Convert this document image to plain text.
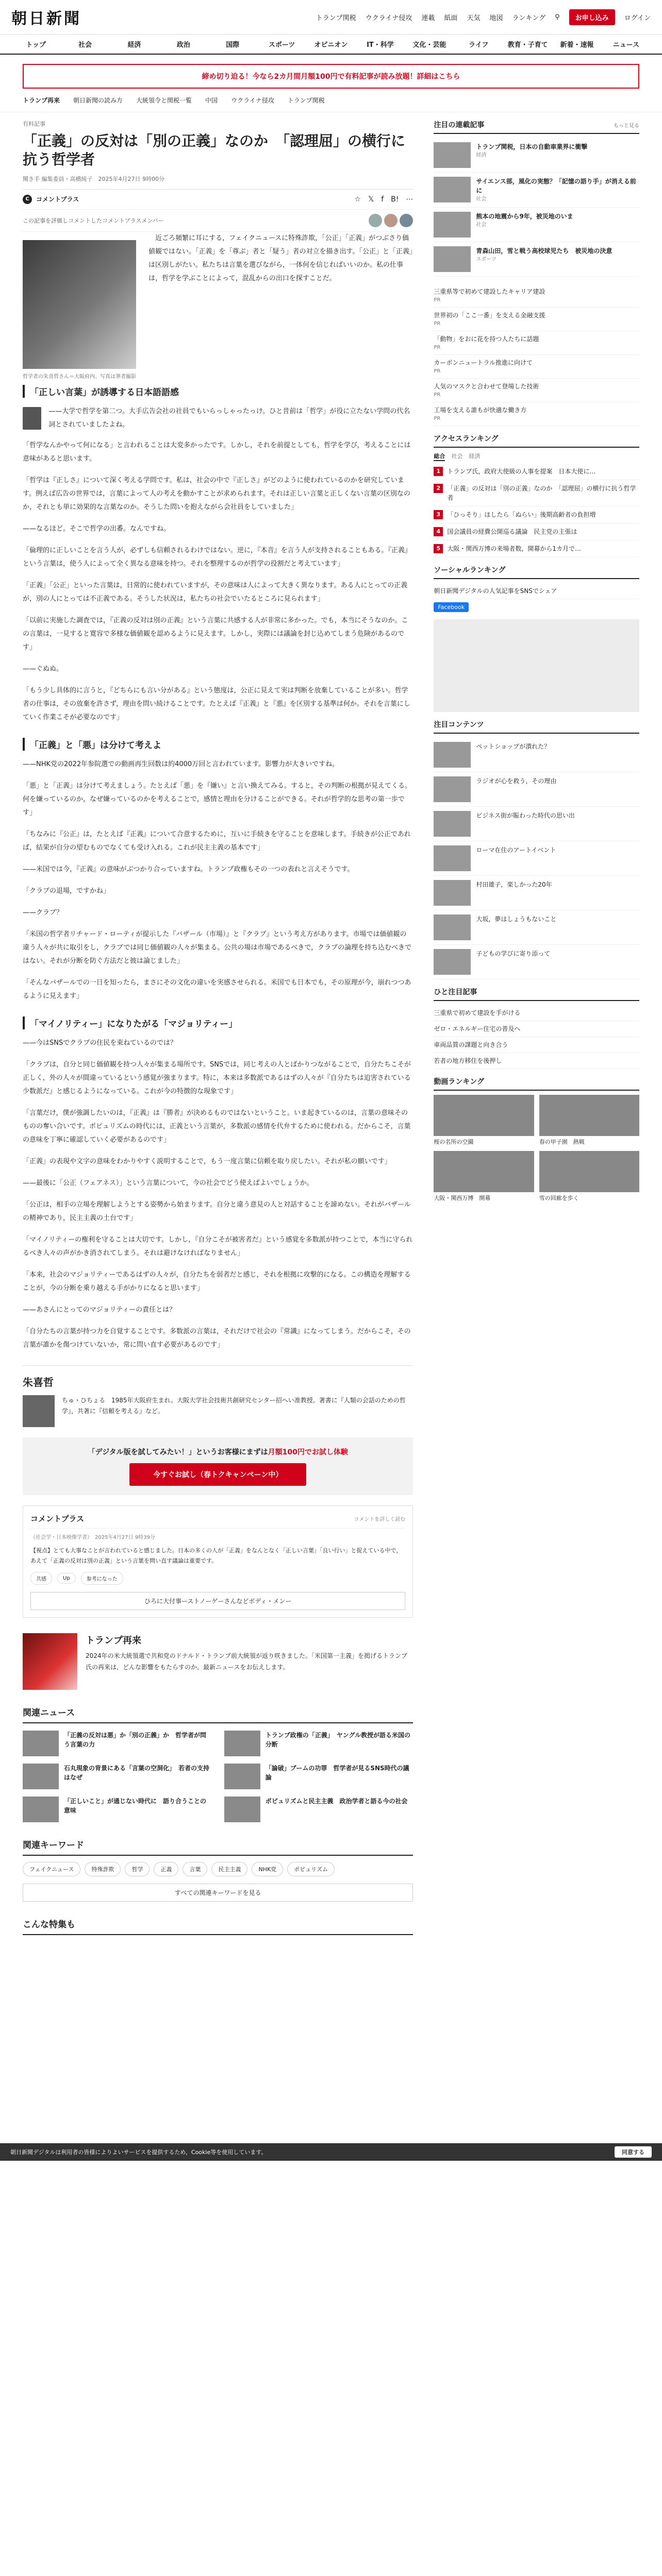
朝日新聞	トランプ関税 ウクライナ侵攻 連載 紙面 天気 地図 ランキング ⚲	お申し込み	ログイン
トップ	社会	経済	政治	国際	スポーツ	オピニオン	IT・科学	文化・芸能	ライフ	教育・子育て	新着・速報	ニュース
締め切り迫る！今なら2カ月間月額100円で有料記事が読み放題！詳細はこちら
トランプ再来 朝日新聞の読み方 大統領令と関税一覧 中国 ウクライナ侵攻 トランプ関税
有料記事
「正義」の反対は「別の正義」なのか　「認理屈」の横行に抗う哲学者
聞き手 編集委員・高橋純子　2025年4月27日 9時00分
C	コメントプラス	☆ 𝕏 f B! ⋯
この記事を評価しコメントしたコメントプラスメンバー

　近ごろ頻繁に耳にする，フェイクニュースに特殊詐欺，「公正」「正義」がつぶさり価値観ではない。「正義」を「尊ぶ」者と「疑う」者の対立を描き出す。「公正」と「正義」は区別しがたい。私たちは言葉を選びながら，一体何を信じればいいのか。私の仕事は，哲学を学ぶことによって，混乱からの出口を探すことだ。

哲学者の朱喜哲さん＝大阪府内、写真は筆者撮影
「正しい言葉」が誘導する日本語語感

——大学で哲学を第二つ。大手広告会社の社員でもいらっしゃったっけ。ひと昔前は「哲学」が役に立たない学問の代名詞とされていましたよね。

「哲学なんかやって何になる」と言われることは大変多かったです。しかし，それを前提としても，哲学を学び，考えることには意味があると思います。

「哲学は『正しさ』について深く考える学問です。私は，社会の中で『正しさ』がどのように使われているのかを研究しています。例えば広告の世界では，言葉によって人の考えを動かすことが求められます。それは正しい言葉と正しくない言葉の区別なのか，それとも単に効果的な言葉なのか。そうした問いを抱えながら会社員をしていました」

——なるほど。そこで哲学の出番。なんですね。

「倫理的に正しいことを言う人が，必ずしも信頼されるわけではない。逆に，『本音』を言う人が支持されることもある。『正義』という言葉は，使う人によって全く異なる意味を持つ。それを整理するのが哲学の役割だと考えています」

「正義」「公正」といった言葉は，日常的に使われていますが，その意味は人によって大きく異なります。ある人にとっての正義が，別の人にとっては不正義である。そうした状況は，私たちの社会でいたるところに見られます」

「以前に実施した調査では，『正義の反対は別の正義』という言葉に共感する人が非常に多かった。でも，本当にそうなのか。この言葉は，一見すると寛容で多様な価値観を認めるように見えます。しかし，実際には議論を封じ込めてしまう危険があるのです」

——ぐぬぬ。

「もう少し具体的に言うと，『どちらにも言い分がある』という態度は，公正に見えて実は判断を放棄していることが多い。哲学者の仕事は，その放棄を許さず，理由を問い続けることです。たとえば『正義』と『悪』を区別する基準は何か。それを言葉にしていく作業こそが必要なのです」

「正義」と「悪」は分けて考えよ

——NHK党の2022年参院選での動画再生回数は約4000万回と言われています。影響力が大きいですね。

「悪」と「正義」は分けて考えましょう。たとえば「悪」を『嫌い』と言い換えてみる。すると，その判断の根拠が見えてくる。何を嫌っているのか，なぜ嫌っているのかを考えることで，感情と理由を分けることができる。それが哲学的な思考の第一歩です」

「ちなみに『公正』は，たとえば『正義』について合意するために，互いに手続きを守ることを意味します。手続きが公正であれば，結果が自分の望むものでなくても受け入れる。これが民主主義の基本です」

——米国では今，『正義』の意味がぶつかり合っていますね。トランプ政権もその一つの表れと言えそうです。

「クラブの退場，ですかね」

——クラブ？

「米国の哲学者リチャード・ローティが提示した『バザール（市場）』と『クラブ』という考え方があります。市場では価値観の違う人々が共に取引をし，クラブでは同じ価値観の人々が集まる。公共の場は市場であるべきで，クラブの論理を持ち込むべきではない。それが分断を防ぐ方法だと彼は論じました」

「そんなバザールでの一日を知ったら，まさにその文化の違いを実感させられる。米国でも日本でも，その原理が今，崩れつつあるように見えます」

「マイノリティー」になりたがる「マジョリティー」

——今はSNSでクラブの住民を束ねているのでは？

「クラブは，自分と同じ価値観を持つ人々が集まる場所です。SNSでは，同じ考えの人とばかりつながることで，自分たちこそが正しく，外の人々が間違っているという感覚が強まります。特に，本来は多数派であるはずの人々が『自分たちは迫害されている少数派だ』と感じるようになっている。これが今の特徴的な現象です」

「言葉だけ，僕が強調したいのは，『正義』は『勝者』が決めるものではないということ。いま起きているのは，言葉の意味そのものの奪い合いです。ポピュリズムの時代には，正義という言葉が，多数派の感情を代弁するために使われる。だからこそ，言葉の意味を丁寧に確認していく必要があるのです」

「正義」の表現や文字の意味をわかりやすく説明することで，もう一度言葉に信頼を取り戻したい。それが私の願いです」

——最後に「公正（フェアネス）」という言葉について，今の社会でどう使えばよいでしょうか。

「公正は，相手の立場を理解しようとする姿勢から始まります。自分と違う意見の人と対話することを諦めない。それがバザールの精神であり，民主主義の土台です」

「マイノリティーの権利を守ることは大切です。しかし，『自分こそが被害者だ』という感覚を多数派が持つことで，本当に守られるべき人々の声がかき消されてしまう。それは避けなければなりません」

「本来，社会のマジョリティーであるはずの人々が，自分たちを弱者だと感じ，それを根拠に攻撃的になる。この構造を理解することが，今の分断を乗り越える手がかりになると思います」

——あさんにとってのマジョリティーの責任とは？

「自分たちの言葉が持つ力を自覚することです。多数派の言葉は，それだけで社会の『常識』になってしまう。だからこそ，その言葉が誰かを傷つけていないか，常に問い直す必要があるのです」

朱喜哲

ちゅ・ひちょる　1985年大阪府生まれ。大阪大学社会技術共創研究センター招へい准教授。著書に『人類の会話のための哲学』，共著に『信頼を考える』など。

「デジタル版を試してみたい！」というお客様にまずは月額100円でお試し体験
今すぐお試し（春トクキャンペーン中）
コメントプラス	コメントを詳しく読む
（社会学・日本映像学者）　 2025年4月27日 9時39分
【視点】とても大事なことが言われていると感じました。日本の多くの人が「正義」をなんとなく「正しい言葉」「良い行い」と捉えている中で，あえて「正義の反対は別の正義」という言葉を問い直す議論は重要です。
共感	Up	参考になった
ひろに大付事ーストノーゲーさんなどボディ・メンー
トランプ再来

2024年の米大統領選で共和党のドナルド・トランプ前大統領が返り咲きました。「米国第一主義」を掲げるトランプ氏の再来は，どんな影響をもたらすのか。最新ニュースをお伝えします。

関連ニュース
「正義の反対は悪」か「別の正義」か　哲学者が問う言葉の力
トランプ政権の「正義」　ヤングル教授が語る米国の分断
石丸現象の背景にある「言葉の空洞化」　若者の支持はなぜ
「論破」ブームの功罪　哲学者が見るSNS時代の議論
「正しいこと」が通じない時代に　語り合うことの意味
ポピュリズムと民主主義　政治学者と語る今の社会
関連キーワード
フェイクニュース	特殊詐欺	哲学	正義	言葉	民主主義	NHK党	ポピュリズム
すべての関連キーワードを見る
こんな特集も
注目の連載記事	もっと見る
トランプ関税，日本の自動車業界に衝撃
経済
サイエンス部，風化の実態？「記憶の語り手」が消える前に
社会
熊本の地震から9年，被災地のいま
社会
青森山田，雪と戦う高校球児たち　被災地の決意
スポーツ
三重県等で初めて建設したキャリア建設
PR
世界初の「ここ一番」を支える金融支援
PR
「動物」をおに花を持つ人たちに話題
PR
カーボンニュートラル推進に向けて
PR
人気のマスクと合わせて登場した技術
PR
工場を支える誰もが快適な働き方
PR
アクセスランキング
総合 社会 経済
1	トランプ氏，政府大使級の人事を提案　日本大使に…
2	「正義」の反対は「別の正義」なのか　「認理屈」の横行に抗う哲学者
3	「ひっそり」ほしたら「ぬらい」後期高齢者の負担増
4	国会議員の経費公開巡る議論　民主党の主張は
5	大阪・関西万博の来場者数，開幕から1カ月で…
ソーシャルランキング
朝日新聞デジタルの人気記事をSNSでシェア
Facebook
注目コンテンツ
ペットショップが潰れた？
ラジオが心を救う，その理由
ビジネス街が賑わった時代の思い出
ローマ在住のアートイベント
村田雄子，楽しかった20年
大坂，夢はしょうもないこと
子どもの学びに寄り添って
ひと注目記事
三重県で初めて建設を手がける
ゼロ・エネルギー住宅の普及へ
車両品質の課題と向き合う
若者の地方移住を後押し
動画ランキング
桜の名所の空撮	春の甲子園　熱戦
大阪・関西万博　開幕	雪の回廊を歩く
朝日新聞デジタルは利用者の皆様によりよいサービスを提供するため，Cookie等を使用しています。	同意する
